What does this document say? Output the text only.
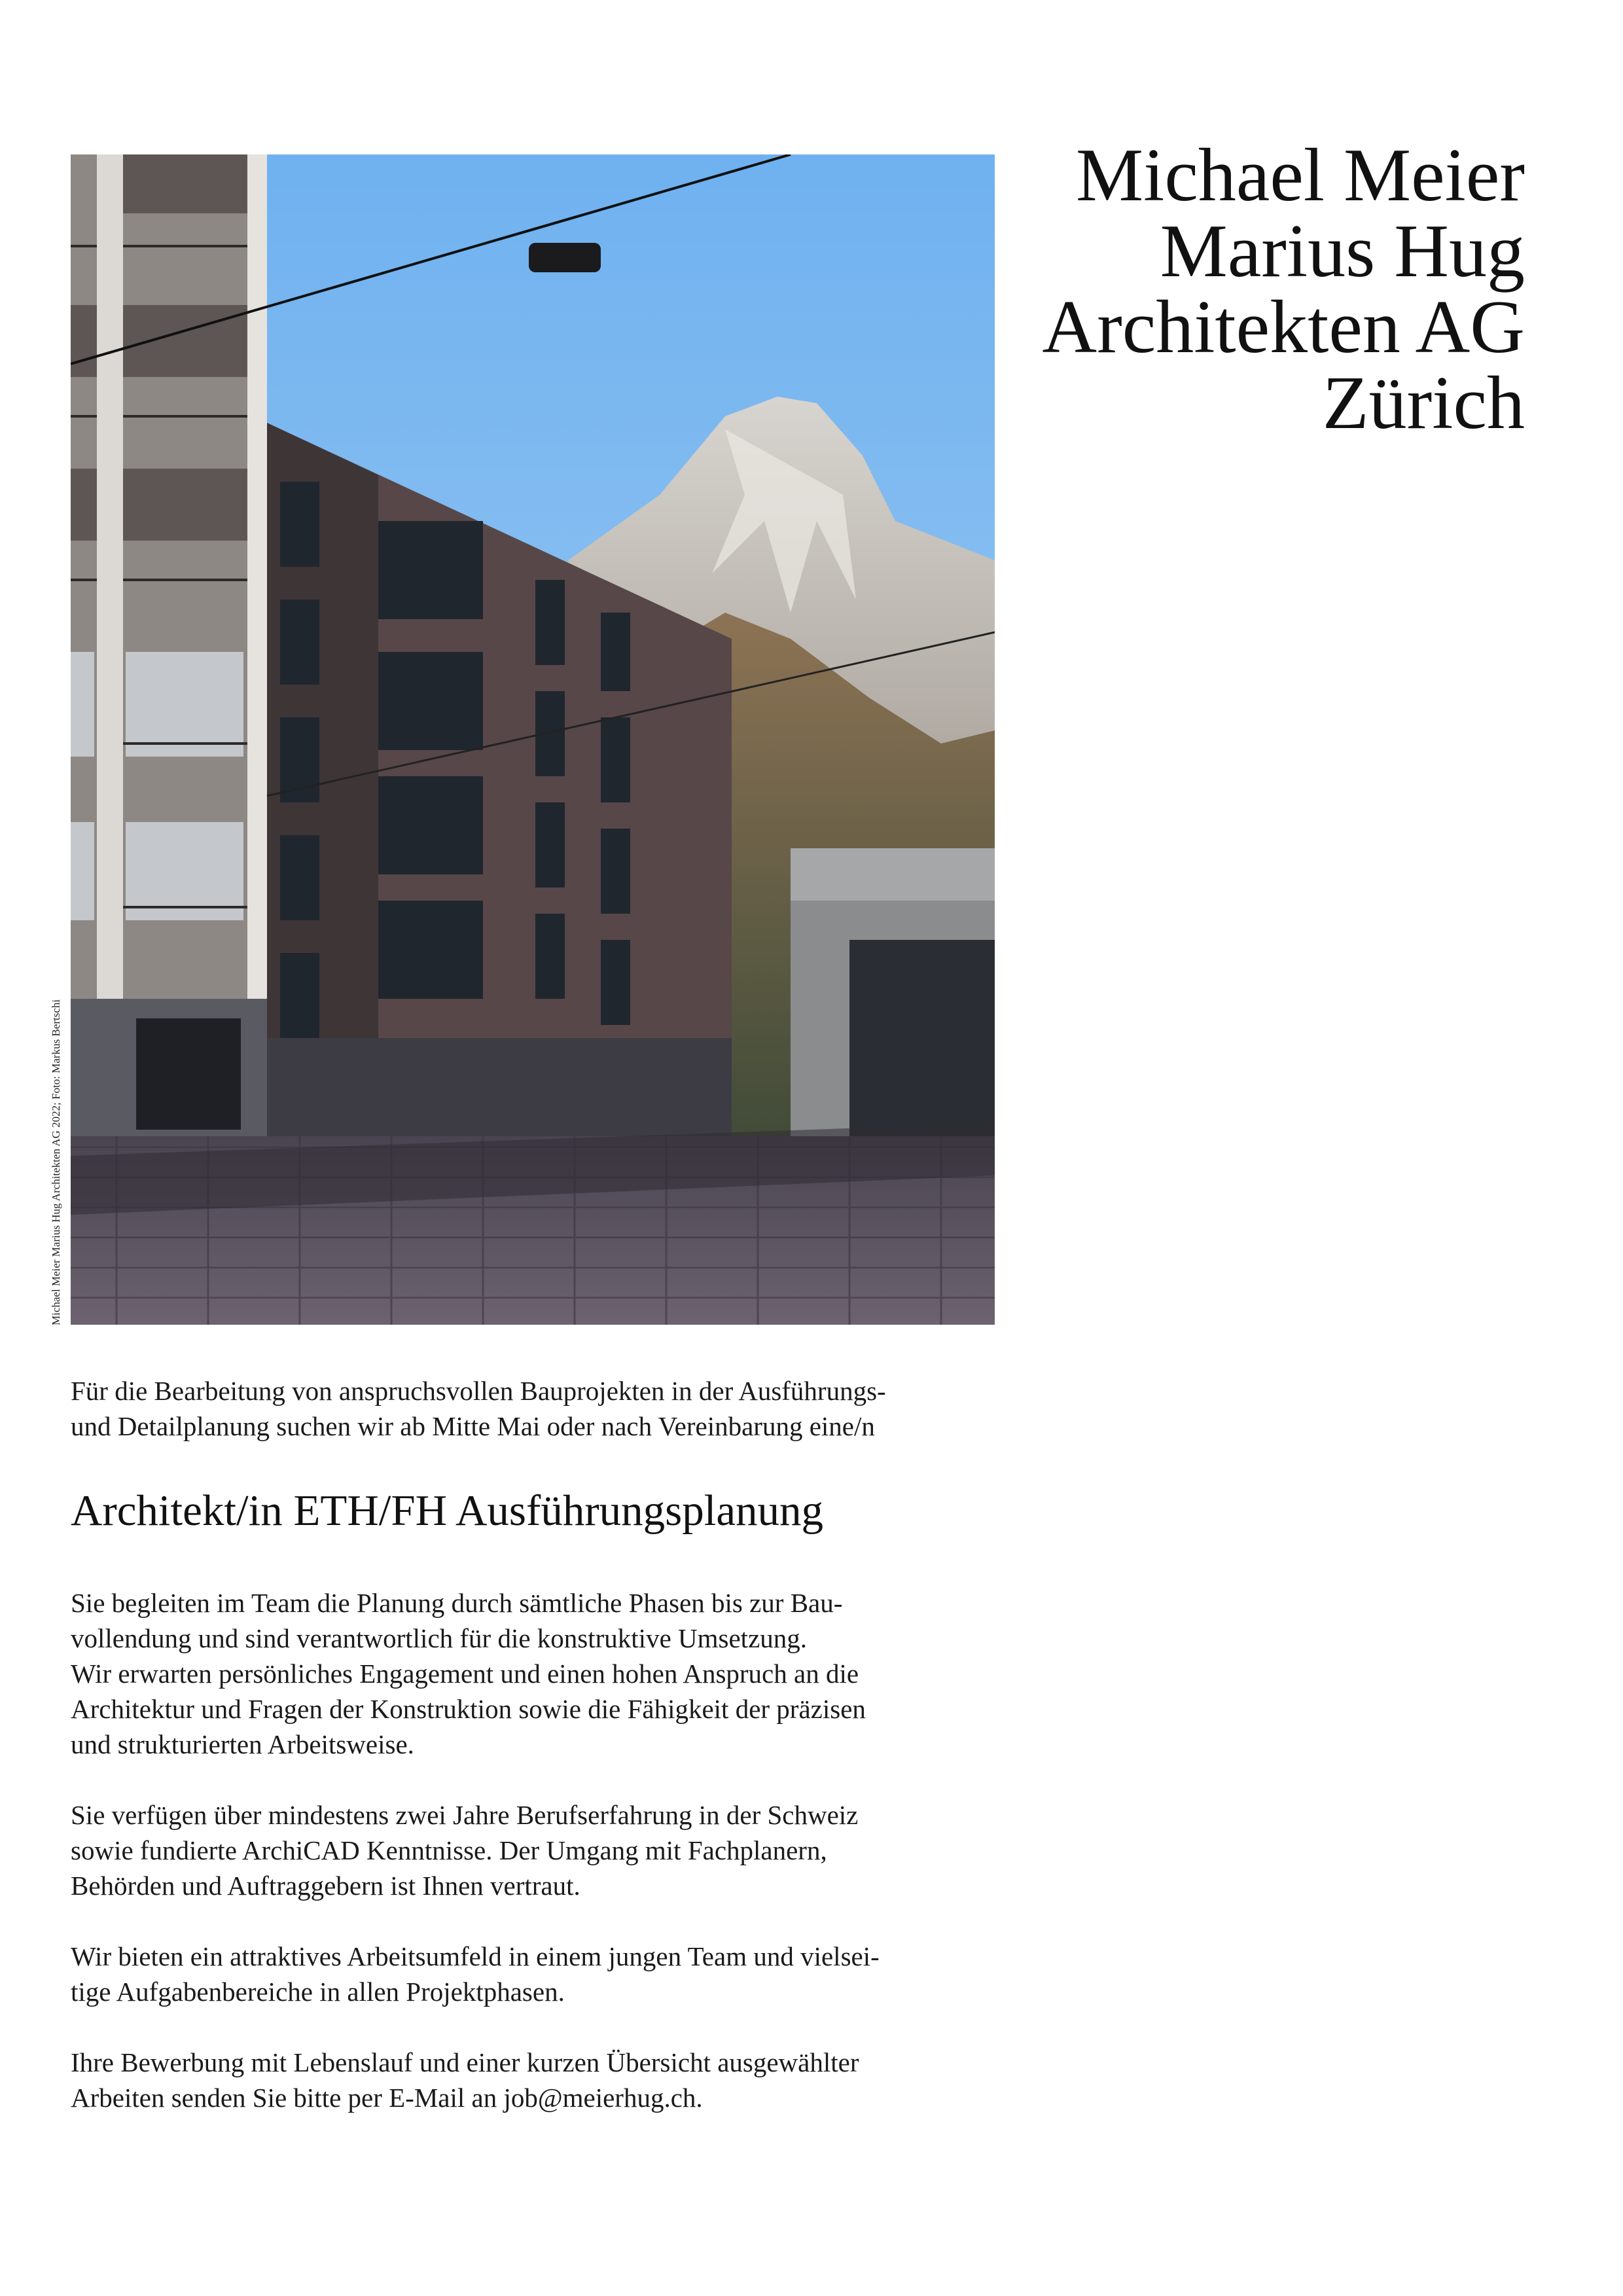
Michael Meier
Marius Hug
Architekten AG
Zürich
Michael Meier Marius Hug Architekten AG 2022; Foto: Markus Bertschi

Für die Bearbeitung von anspruchsvollen Bauprojekten in der Ausführungs-
und Detailplanung suchen wir ab Mitte Mai oder nach Vereinbarung eine/n

Architekt/in ETH/FH Ausführungsplanung

Sie begleiten im Team die Planung durch sämtliche Phasen bis zur Bau-
vollendung und sind verantwortlich für die konstruktive Umsetzung.
Wir erwarten persönliches Engagement und einen hohen Anspruch an die
Architektur und Fragen der Konstruktion sowie die Fähigkeit der präzisen
und strukturierten Arbeitsweise.

Sie verfügen über mindestens zwei Jahre Berufserfahrung in der Schweiz
sowie fundierte ArchiCAD Kenntnisse. Der Umgang mit Fachplanern,
Behörden und Auftraggebern ist Ihnen vertraut.

Wir bieten ein attraktives Arbeitsumfeld in einem jungen Team und vielsei-
tige Aufgabenbereiche in allen Projektphasen.

Ihre Bewerbung mit Lebenslauf und einer kurzen Übersicht ausgewählter
Arbeiten senden Sie bitte per E-Mail an job@meierhug.ch.
